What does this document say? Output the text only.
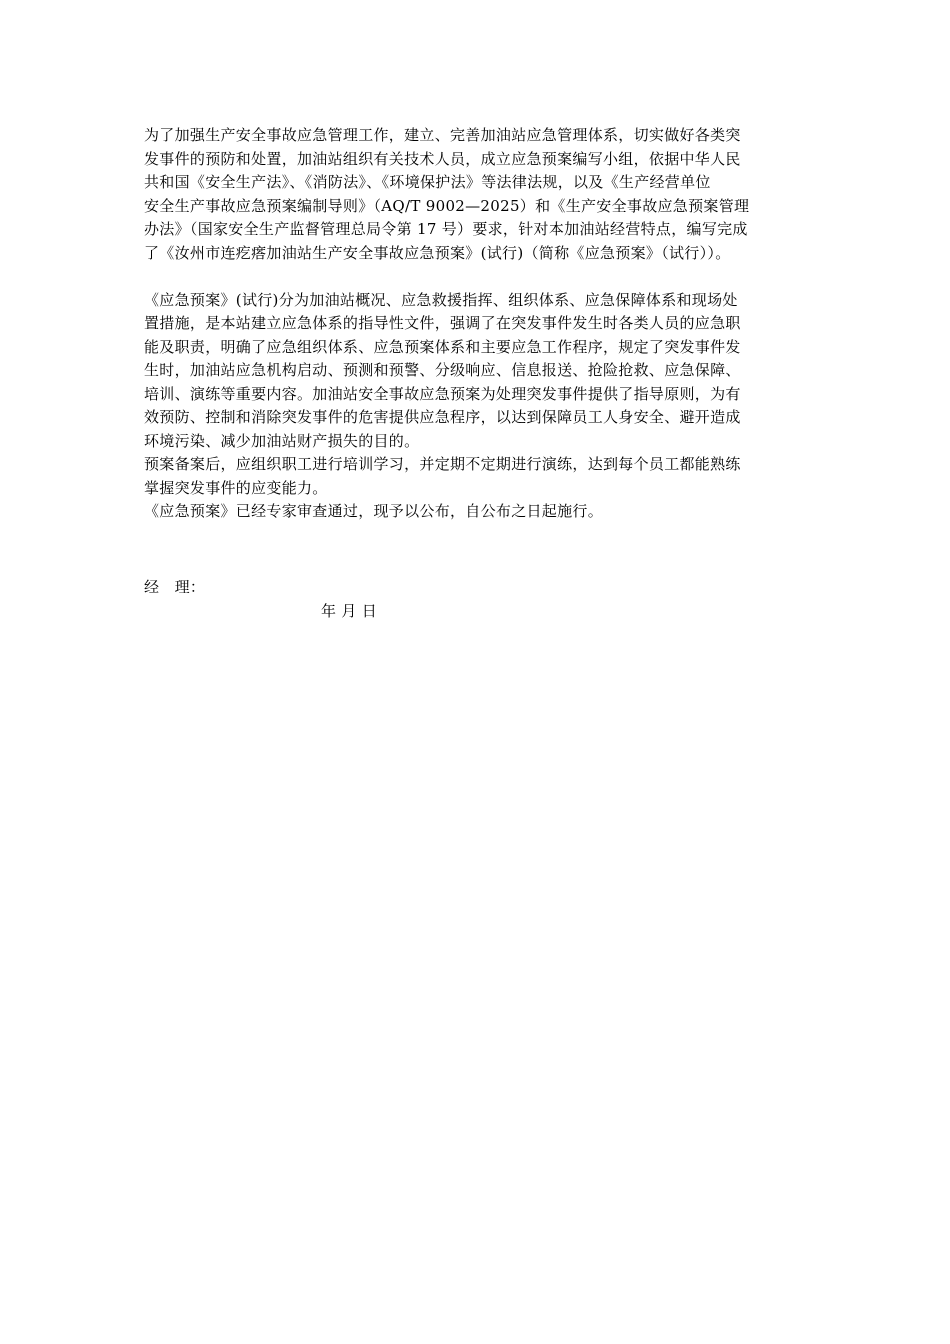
为了加强生产安全事故应急管理工作，建立、完善加油站应急管理体系，切实做好各类突
发事件的预防和处置，加油站组织有关技术人员，成立应急预案编写小组，依据中华人民
共和国《安全生产法》、《消防法》、《环境保护法》等法律法规，以及《生产经营单位
安全生产事故应急预案编制导则》（AQ/T 9002—2025）和《生产安全事故应急预案管理
办法》（国家安全生产监督管理总局令第 17 号）要求，针对本加油站经营特点，编写完成
了《汝州市连疙瘩加油站生产安全事故应急预案》(试行)（简称《应急预案》（试行））。
《应急预案》(试行)分为加油站概况、应急救援指挥、组织体系、应急保障体系和现场处
置措施，是本站建立应急体系的指导性文件，强调了在突发事件发生时各类人员的应急职
能及职责，明确了应急组织体系、应急预案体系和主要应急工作程序，规定了突发事件发
生时，加油站应急机构启动、预测和预警、分级响应、信息报送、抢险抢救、应急保障、
培训、演练等重要内容。加油站安全事故应急预案为处理突发事件提供了指导原则，为有
效预防、控制和消除突发事件的危害提供应急程序，以达到保障员工人身安全、避开造成
环境污染、减少加油站财产损失的目的。
预案备案后，应组织职工进行培训学习，并定期不定期进行演练，达到每个员工都能熟练
掌握突发事件的应变能力。
《应急预案》已经专家审查通过，现予以公布，自公布之日起施行。
经　理：
年 月 日
